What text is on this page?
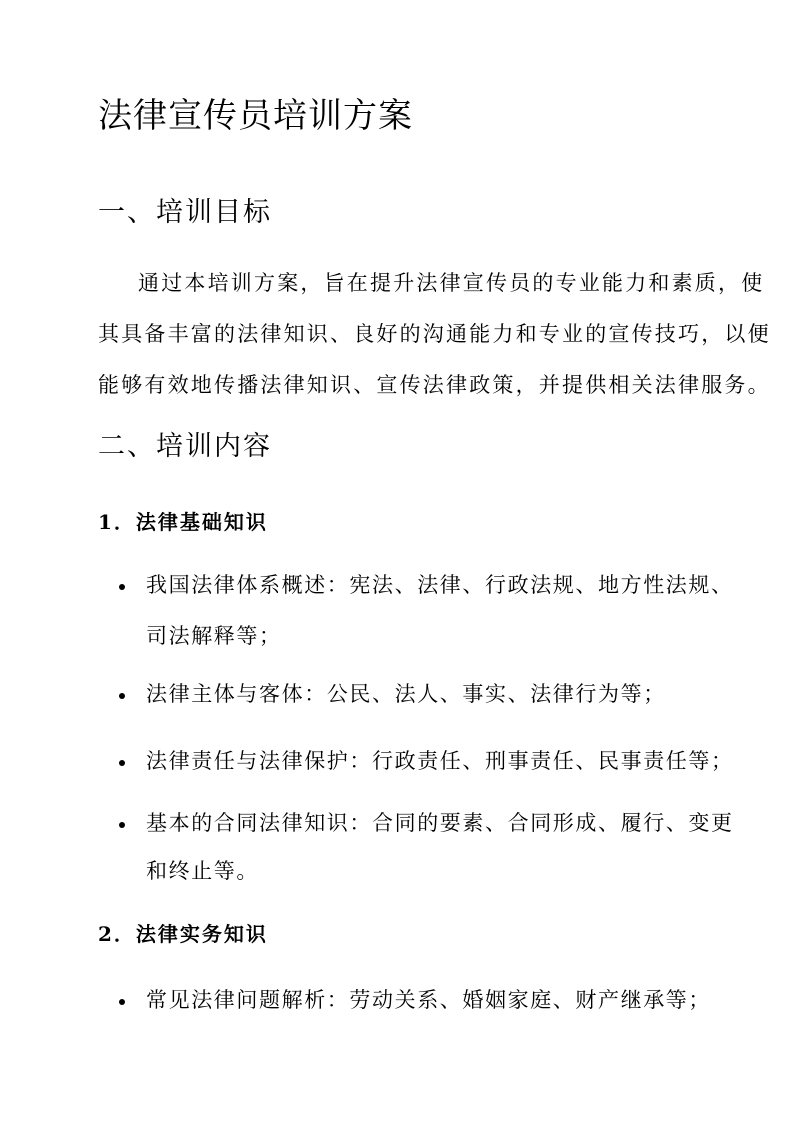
法律宣传员培训方案
一、培训目标
通过本培训方案，旨在提升法律宣传员的专业能力和素质，使
其具备丰富的法律知识、良好的沟通能力和专业的宣传技巧，以便
能够有效地传播法律知识、宣传法律政策，并提供相关法律服务。
二、培训内容
1．法律基础知识
我国法律体系概述：宪法、法律、行政法规、地方性法规、
司法解释等；
法律主体与客体：公民、法人、事实、法律行为等；
法律责任与法律保护：行政责任、刑事责任、民事责任等；
基本的合同法律知识：合同的要素、合同形成、履行、变更
和终止等。
2．法律实务知识
常见法律问题解析：劳动关系、婚姻家庭、财产继承等；
